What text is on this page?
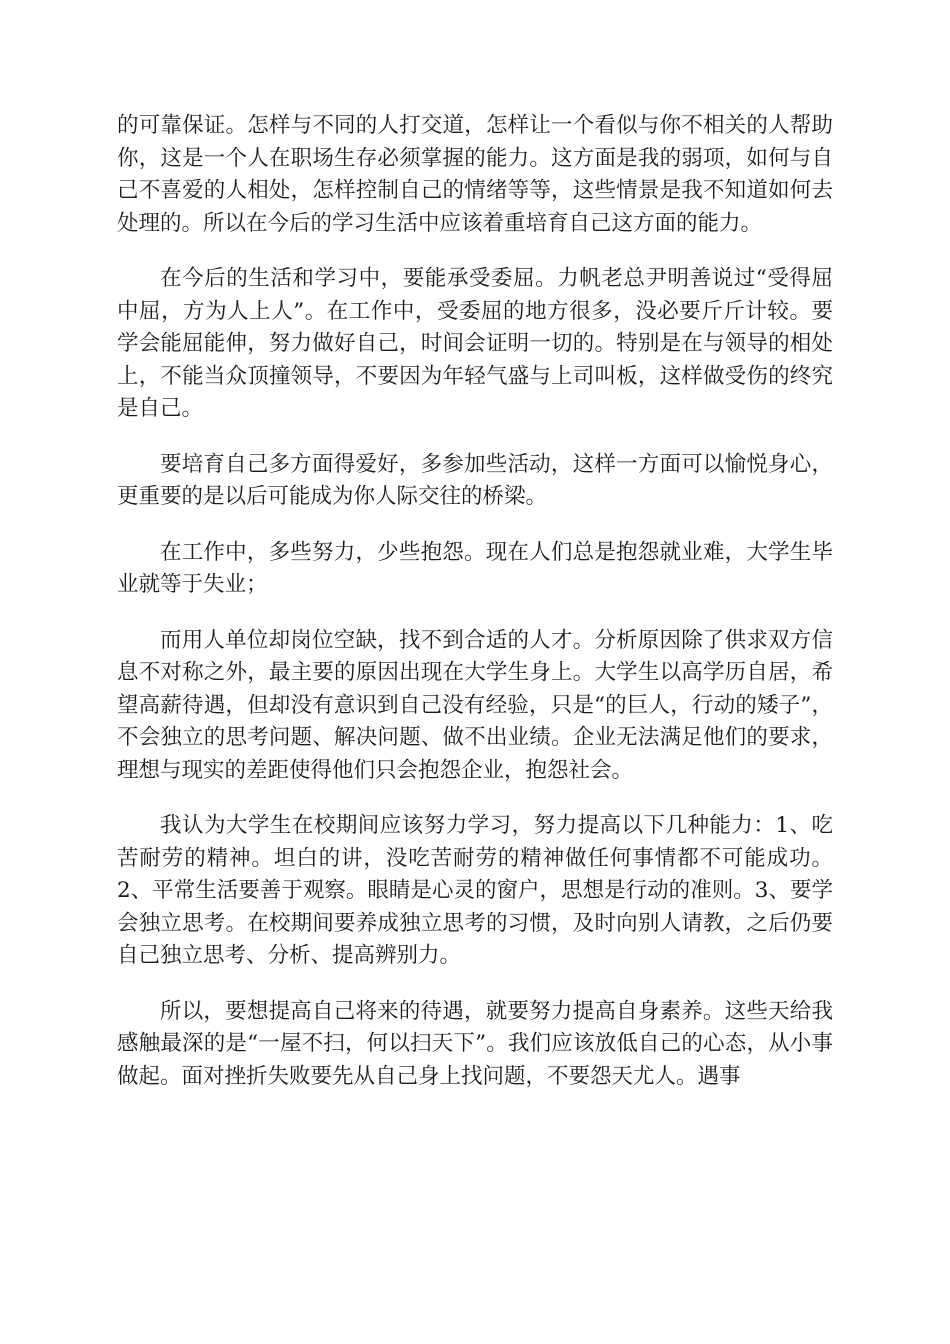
的可靠保证。怎样与不同的人打交道，怎样让一个看似与你不相关的人帮助你，这是一个人在职场生存必须掌握的能力。这方面是我的弱项，如何与自己不喜爱的人相处，怎样控制自己的情绪等等，这些情景是我不知道如何去处理的。所以在今后的学习生活中应该着重培育自己这方面的能力。

在今后的生活和学习中，要能承受委屈。力帆老总尹明善说过“受得屈中屈，方为人上人”。在工作中，受委屈的地方很多，没必要斤斤计较。要学会能屈能伸，努力做好自己，时间会证明一切的。特别是在与领导的相处上，不能当众顶撞领导，不要因为年轻气盛与上司叫板，这样做受伤的终究是自己。

要培育自己多方面得爱好，多参加些活动，这样一方面可以愉悦身心，更重要的是以后可能成为你人际交往的桥梁。

在工作中，多些努力，少些抱怨。现在人们总是抱怨就业难，大学生毕业就等于失业；

而用人单位却岗位空缺，找不到合适的人才。分析原因除了供求双方信息不对称之外，最主要的原因出现在大学生身上。大学生以高学历自居，希望高薪待遇，但却没有意识到自己没有经验，只是“的巨人，行动的矮子”，不会独立的思考问题、解决问题、做不出业绩。企业无法满足他们的要求，理想与现实的差距使得他们只会抱怨企业，抱怨社会。

我认为大学生在校期间应该努力学习，努力提高以下几种能力：1、吃苦耐劳的精神。坦白的讲，没吃苦耐劳的精神做任何事情都不可能成功。2、平常生活要善于观察。眼睛是心灵的窗户，思想是行动的准则。3、要学会独立思考。在校期间要养成独立思考的习惯，及时向别人请教，之后仍要自己独立思考、分析、提高辨别力。

所以，要想提高自己将来的待遇，就要努力提高自身素养。这些天给我感触最深的是“一屋不扫，何以扫天下”。我们应该放低自己的心态，从小事做起。面对挫折失败要先从自己身上找问题，不要怨天尤人。遇事
